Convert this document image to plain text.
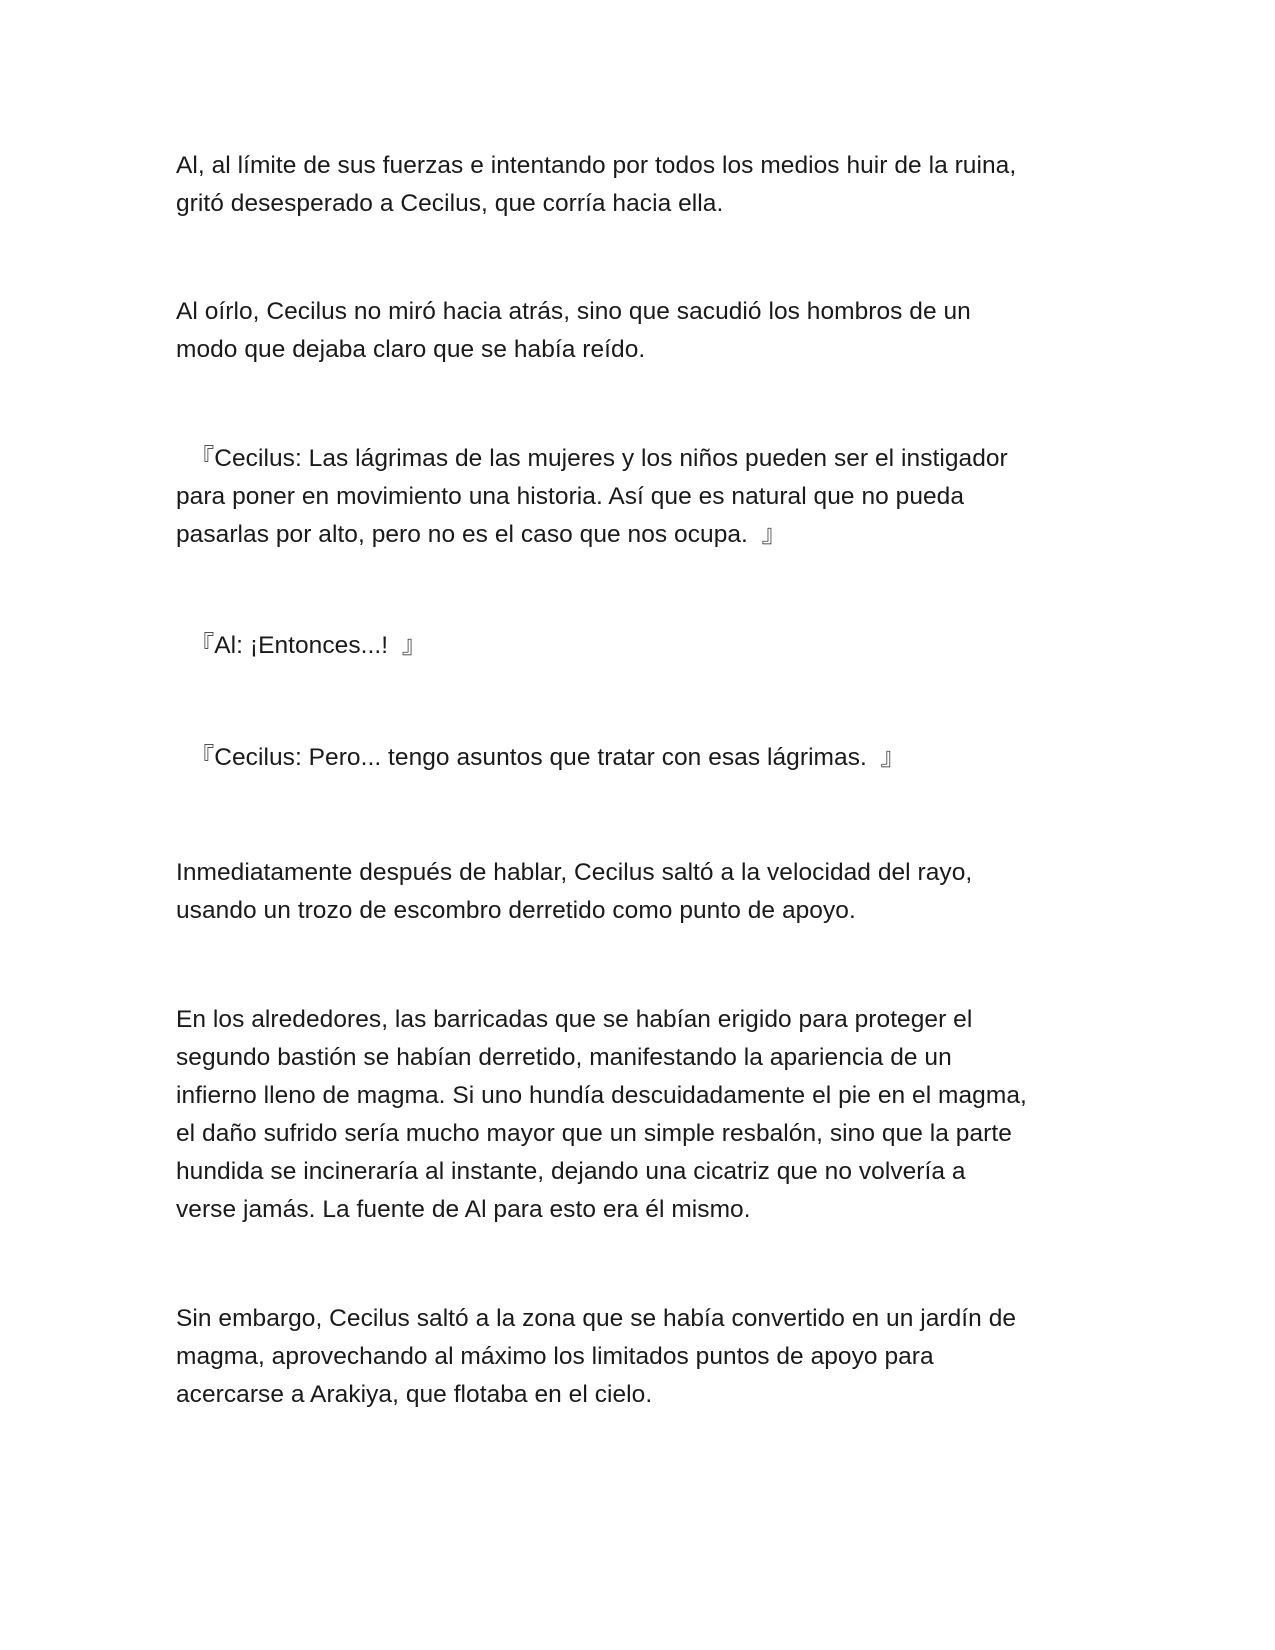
Al, al límite de sus fuerzas e intentando por todos los medios huir de la ruina,
gritó desesperado a Cecilus, que corría hacia ella.

Al oírlo, Cecilus no miró hacia atrás, sino que sacudió los hombros de un
modo que dejaba claro que se había reído.

『Cecilus: Las lágrimas de las mujeres y los niños pueden ser el instigador
para poner en movimiento una historia. Así que es natural que no pueda
pasarlas por alto, pero no es el caso que nos ocupa.  』

『Al: ¡Entonces...!  』

『Cecilus: Pero... tengo asuntos que tratar con esas lágrimas.  』

Inmediatamente después de hablar, Cecilus saltó a la velocidad del rayo,
usando un trozo de escombro derretido como punto de apoyo.

En los alrededores, las barricadas que se habían erigido para proteger el
segundo bastión se habían derretido, manifestando la apariencia de un
infierno lleno de magma. Si uno hundía descuidadamente el pie en el magma,
el daño sufrido sería mucho mayor que un simple resbalón, sino que la parte
hundida se incineraría al instante, dejando una cicatriz que no volvería a
verse jamás. La fuente de Al para esto era él mismo.

Sin embargo, Cecilus saltó a la zona que se había convertido en un jardín de
magma, aprovechando al máximo los limitados puntos de apoyo para
acercarse a Arakiya, que flotaba en el cielo.
